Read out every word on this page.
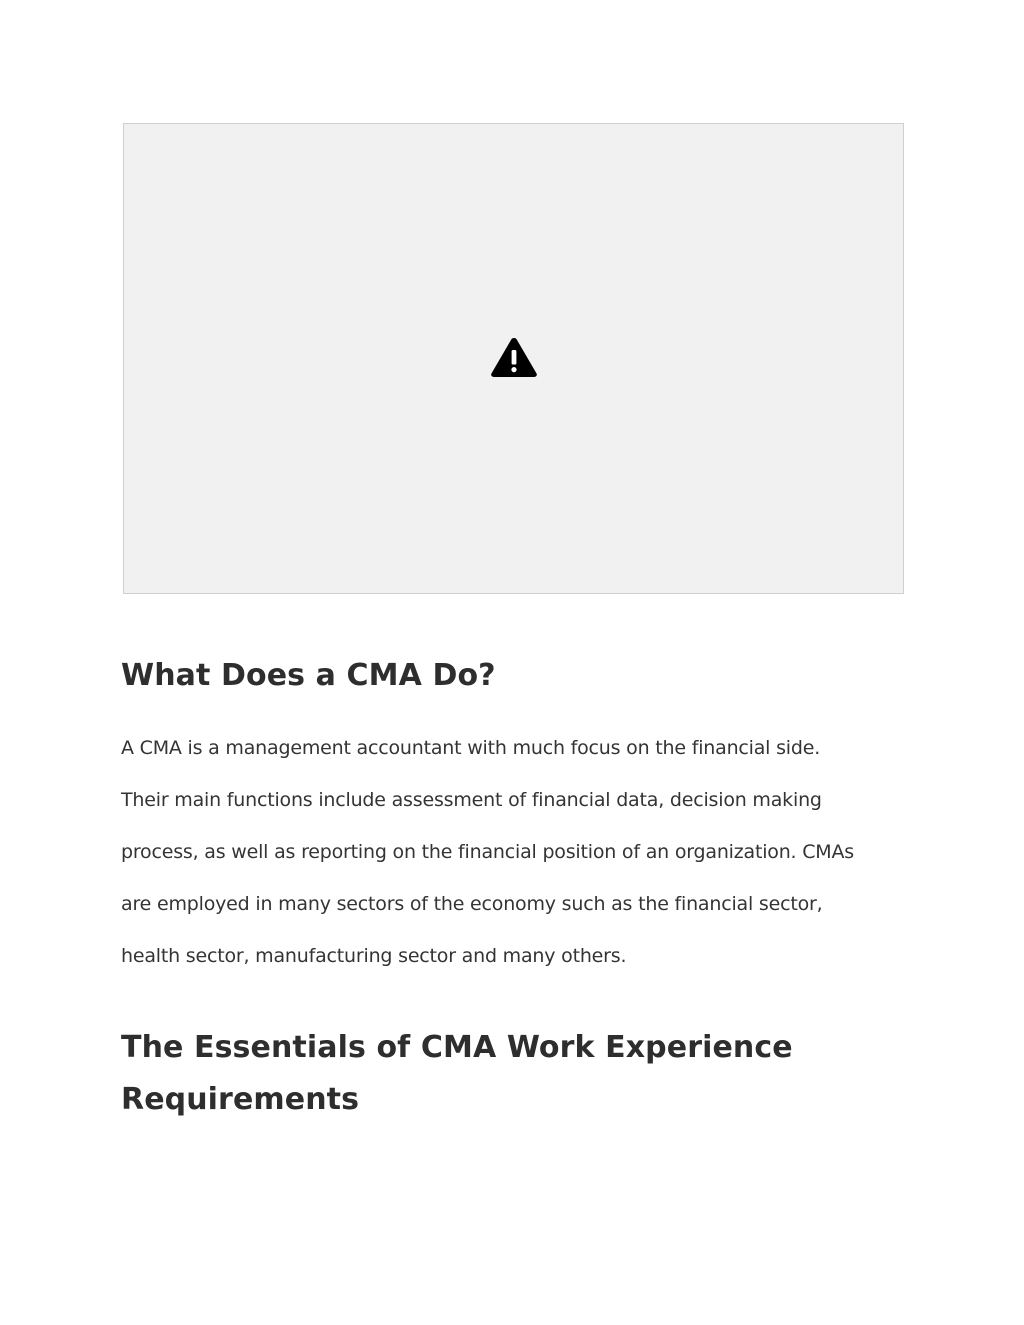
What Does a CMA Do?

A CMA is a management accountant with much focus on the financial side.
Their main functions include assessment of financial data, decision making
process, as well as reporting on the financial position of an organization. CMAs
are employed in many sectors of the economy such as the financial sector,
health sector, manufacturing sector and many others.

The Essentials of CMA Work Experience
Requirements
